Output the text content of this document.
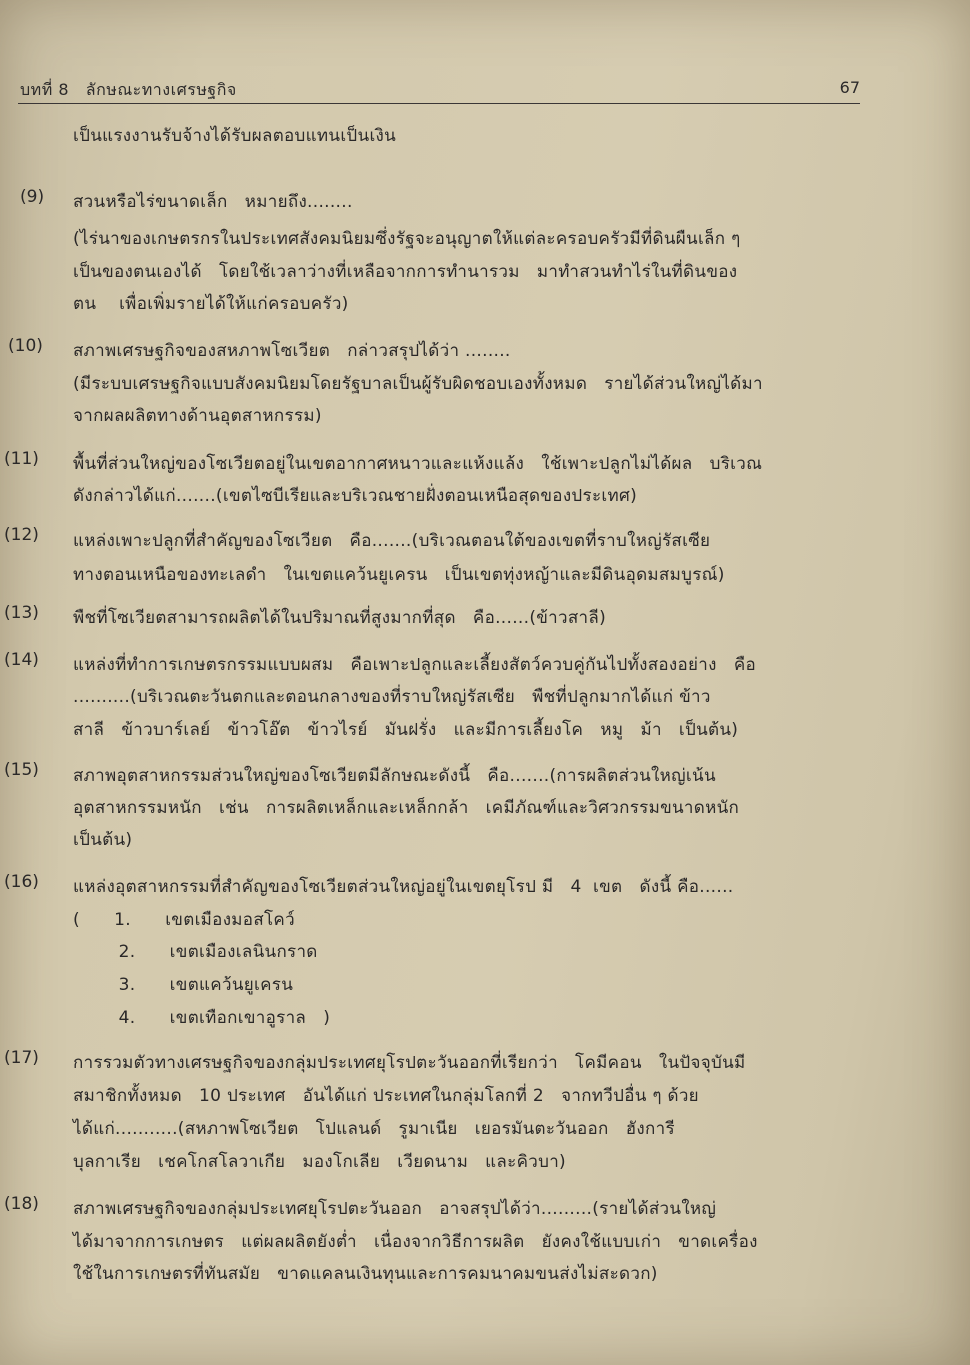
บทที่ 8   ลักษณะทางเศรษฐกิจ	67
เป็นแรงงานรับจ้างได้รับผลตอบแทนเป็นเงิน
(9) สวนหรือไร่ขนาดเล็ก   หมายถึง........
(ไร่นาของเกษตรกรในประเทศสังคมนิยมซึ่งรัฐจะอนุญาตให้แต่ละครอบครัวมีที่ดินผืนเล็ก ๆ
เป็นของตนเองได้   โดยใช้เวลาว่างที่เหลือจากการทำนารวม   มาทำสวนทำไร่ในที่ดินของ
ตน    เพื่อเพิ่มรายได้ให้แก่ครอบครัว)
(10) สภาพเศรษฐกิจของสหภาพโซเวียต   กล่าวสรุปได้ว่า ........
(มีระบบเศรษฐกิจแบบสังคมนิยมโดยรัฐบาลเป็นผู้รับผิดชอบเองทั้งหมด   รายได้ส่วนใหญ่ได้มา
จากผลผลิตทางด้านอุตสาหกรรม)
(11) พื้นที่ส่วนใหญ่ของโซเวียตอยู่ในเขตอากาศหนาวและแห้งแล้ง   ใช้เพาะปลูกไม่ได้ผล   บริเวณ
ดังกล่าวได้แก่.......(เขตไซบีเรียและบริเวณชายฝั่งตอนเหนือสุดของประเทศ)
(12) แหล่งเพาะปลูกที่สำคัญของโซเวียต   คือ.......(บริเวณตอนใต้ของเขตที่ราบใหญ่รัสเซีย
ทางตอนเหนือของทะเลดำ   ในเขตแคว้นยูเครน   เป็นเขตทุ่งหญ้าและมีดินอุดมสมบูรณ์)
(13) พืชที่โซเวียตสามารถผลิตได้ในปริมาณที่สูงมากที่สุด   คือ......(ข้าวสาลี)
(14) แหล่งที่ทำการเกษตรกรรมแบบผสม   คือเพาะปลูกและเลี้ยงสัตว์ควบคู่กันไปทั้งสองอย่าง   คือ
..........(บริเวณตะวันตกและตอนกลางของที่ราบใหญ่รัสเซีย   พืชที่ปลูกมากได้แก่ ข้าว
สาลี   ข้าวบาร์เลย์   ข้าวโอ๊ต   ข้าวไรย์   มันฝรั่ง   และมีการเลี้ยงโค   หมู   ม้า   เป็นต้น)
(15) สภาพอุตสาหกรรมส่วนใหญ่ของโซเวียตมีลักษณะดังนี้   คือ.......(การผลิตส่วนใหญ่เน้น
อุตสาหกรรมหนัก   เช่น   การผลิตเหล็กและเหล็กกล้า   เคมีภัณฑ์และวิศวกรรมขนาดหนัก
เป็นต้น)
(16) แหล่งอุตสาหกรรมที่สำคัญของโซเวียตส่วนใหญ่อยู่ในเขตยุโรป มี   4  เขต   ดังนี้ คือ......
(      1.      เขตเมืองมอสโคว์
2.      เขตเมืองเลนินกราด
3.      เขตแคว้นยูเครน
4.      เขตเทือกเขาอูราล   )
(17) การรวมตัวทางเศรษฐกิจของกลุ่มประเทศยุโรปตะวันออกที่เรียกว่า   โคมีคอน   ในปัจจุบันมี
สมาชิกทั้งหมด   10 ประเทศ   อันได้แก่ ประเทศในกลุ่มโลกที่ 2   จากทวีปอื่น ๆ ด้วย
ได้แก่...........(สหภาพโซเวียต   โปแลนด์   รูมาเนีย   เยอรมันตะวันออก   ฮังการี
บุลกาเรีย   เชคโกสโลวาเกีย   มองโกเลีย   เวียดนาม   และคิวบา)
(18) สภาพเศรษฐกิจของกลุ่มประเทศยุโรปตะวันออก   อาจสรุปได้ว่า.........(รายได้ส่วนใหญ่
ได้มาจากการเกษตร   แต่ผลผลิตยังต่ำ   เนื่องจากวิธีการผลิต   ยังคงใช้แบบเก่า   ขาดเครื่อง
ใช้ในการเกษตรที่ทันสมัย   ขาดแคลนเงินทุนและการคมนาคมขนส่งไม่สะดวก)
